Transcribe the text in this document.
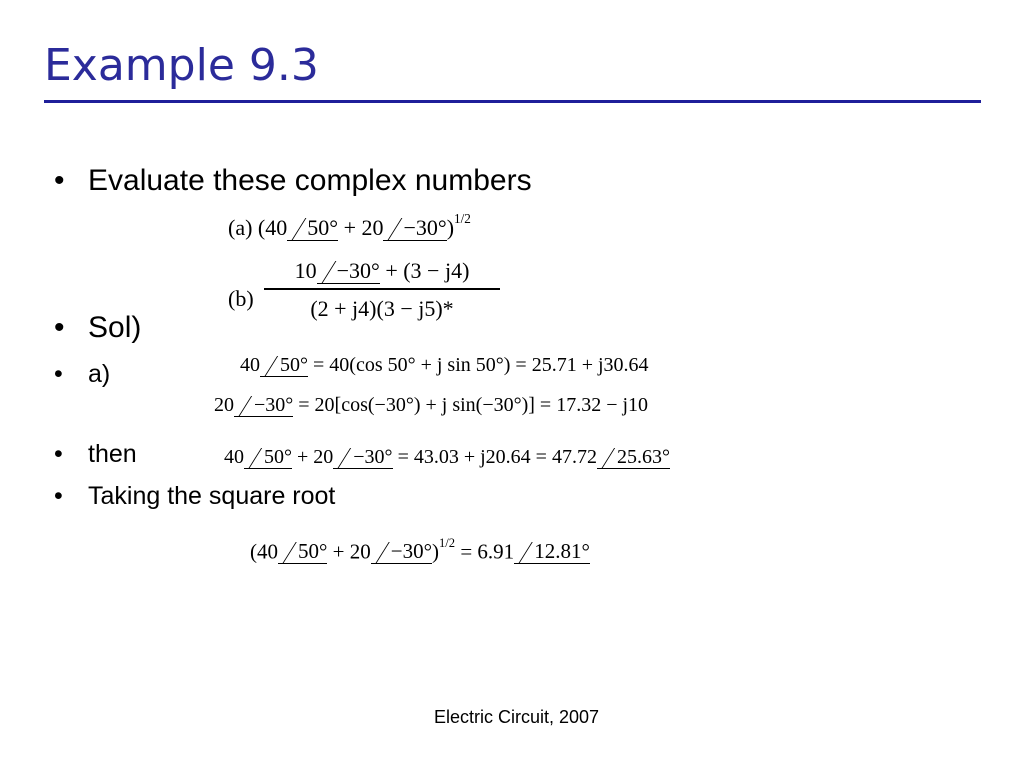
Example 9.3
• Evaluate these complex numbers
• Sol)
• a)
• then
• Taking the square root
(a) (40 50° + 20 −30°)$^{1/2}$
(b)
10 −30° + (3 − j4)
(2 + j4)(3 − j5)*
40 50° = 40(cos 50° + j sin 50°) = 25.71 + j30.64
20 −30° = 20[cos(−30°) + j sin(−30°)] = 17.32 − j10
40 50° + 20 −30° = 43.03 + j20.64 = 47.72 25.63°
(40 50° + 20 −30°)$^{1/2}$ = 6.91 12.81°
Electric Circuit, 2007
